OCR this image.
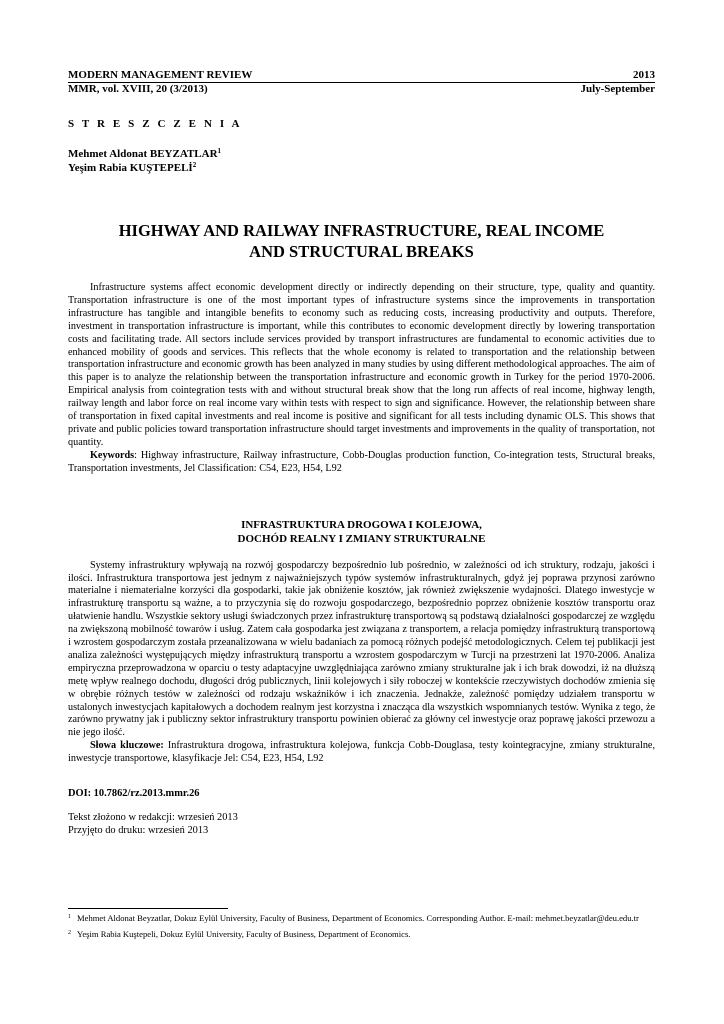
MODERN MANAGEMENT REVIEW	2013
MMR, vol. XVIII, 20 (3/2013)	July-September
S T R E S Z C Z E N I A
Mehmet Aldonat BEYZATLAR$^1$
Yeşim Rabia KUŞTEPELİ$^2$
HIGHWAY AND RAILWAY INFRASTRUCTURE, REAL INCOME
AND STRUCTURAL BREAKS

Infrastructure systems affect economic development directly or indirectly depending on their structure, type, quality and quantity. Transportation infrastructure is one of the most important types of infrastructure systems since the improvements in transportation infrastructure has tangible and intangible benefits to economy such as reducing costs, increasing productivity and outputs. Therefore, investment in transportation infrastructure is important, while this contributes to economic development directly by lowering transportation costs and facilitating trade. All sectors include services provided by transport infrastructures are fundamental to economic activities due to enhanced mobility of goods and services. This reflects that the whole economy is related to transportation and the relationship between transportation infrastructure and economic growth has been analyzed in many studies by using different methodological approaches. The aim of this paper is to analyze the relationship between the transportation infrastructure and economic growth in Turkey for the period 1970-2006. Empirical analysis from cointegration tests with and without structural break show that the long run affects of real income, highway length, railway length and labor force on real income vary within tests with respect to sign and significance. However, the relationship between share of transportation in fixed capital investments and real income is positive and significant for all tests including dynamic OLS. This shows that private and public policies toward transportation infrastructure should target investments and improvements in the quality of transportation, not quantity.

Keywords: Highway infrastructure, Railway infrastructure, Cobb-Douglas production function, Co-integration tests, Structural breaks, Transportation investments, Jel Classification: C54, E23, H54, L92

INFRASTRUKTURA DROGOWA I KOLEJOWA,
DOCHÓD REALNY I ZMIANY STRUKTURALNE

Systemy infrastruktury wpływają na rozwój gospodarczy bezpośrednio lub pośrednio, w zależności od ich struktury, rodzaju, jakości i ilości. Infrastruktura transportowa jest jednym z najważniejszych typów systemów infrastrukturalnych, gdyż jej poprawa przynosi zarówno materialne i niematerialne korzyści dla gospodarki, takie jak obniżenie kosztów, jak również zwiększenie wydajności. Dlatego inwestycje w infrastrukturę transportu są ważne, a to przyczynia się do rozwoju gospodarczego, bezpośrednio poprzez obniżenie kosztów transportu oraz ułatwienie handlu. Wszystkie sektory usługi świadczonych przez infrastrukturę transportową są podstawą działalności gospodarczej ze względu na zwiększoną mobilność towarów i usług. Zatem cała gospodarka jest związana z transportem, a relacja pomiędzy infrastrukturą transportową i wzrostem gospodarczym została przeanalizowana w wielu badaniach za pomocą różnych podejść metodologicznych. Celem tej publikacji jest analiza zależności występujących między infrastrukturą transportu a wzrostem gospodarczym w Turcji na przestrzeni lat 1970-2006. Analiza empiryczna przeprowadzona w oparciu o testy adaptacyjne uwzględniająca zarówno zmiany strukturalne jak i ich brak dowodzi, iż na dłuższą metę wpływ realnego dochodu, długości dróg publicznych, linii kolejowych i siły roboczej w kontekście rzeczywistych dochodów zmienia się w obrębie różnych testów w zależności od rodzaju wskaźników i ich znaczenia. Jednakże, zależność pomiędzy udziałem transportu w ustalonych inwestycjach kapitałowych a dochodem realnym jest korzystna i znacząca dla wszystkich wspomnianych testów. Wynika z tego, że zarówno prywatny jak i publiczny sektor infrastruktury transportu powinien obierać za główny cel inwestycje oraz poprawę jakości przewozu a nie jego ilość.

Słowa kluczowe: Infrastruktura drogowa, infrastruktura kolejowa, funkcja Cobb-Douglasa, testy kointegracyjne, zmiany strukturalne, inwestycje transportowe, klasyfikacje Jel: C54, E23, H54, L92

DOI: 10.7862/rz.2013.mmr.26
Tekst złożono w redakcji: wrzesień 2013
Przyjęto do druku: wrzesień 2013
$^1$ Mehmet Aldonat Beyzatlar, Dokuz Eylül University, Faculty of Business, Department of Economics. Corresponding Author. E-mail: mehmet.beyzatlar@deu.edu.tr
$^2$ Yeşim Rabia Kuştepeli, Dokuz Eylül University, Faculty of Business, Department of Economics.
